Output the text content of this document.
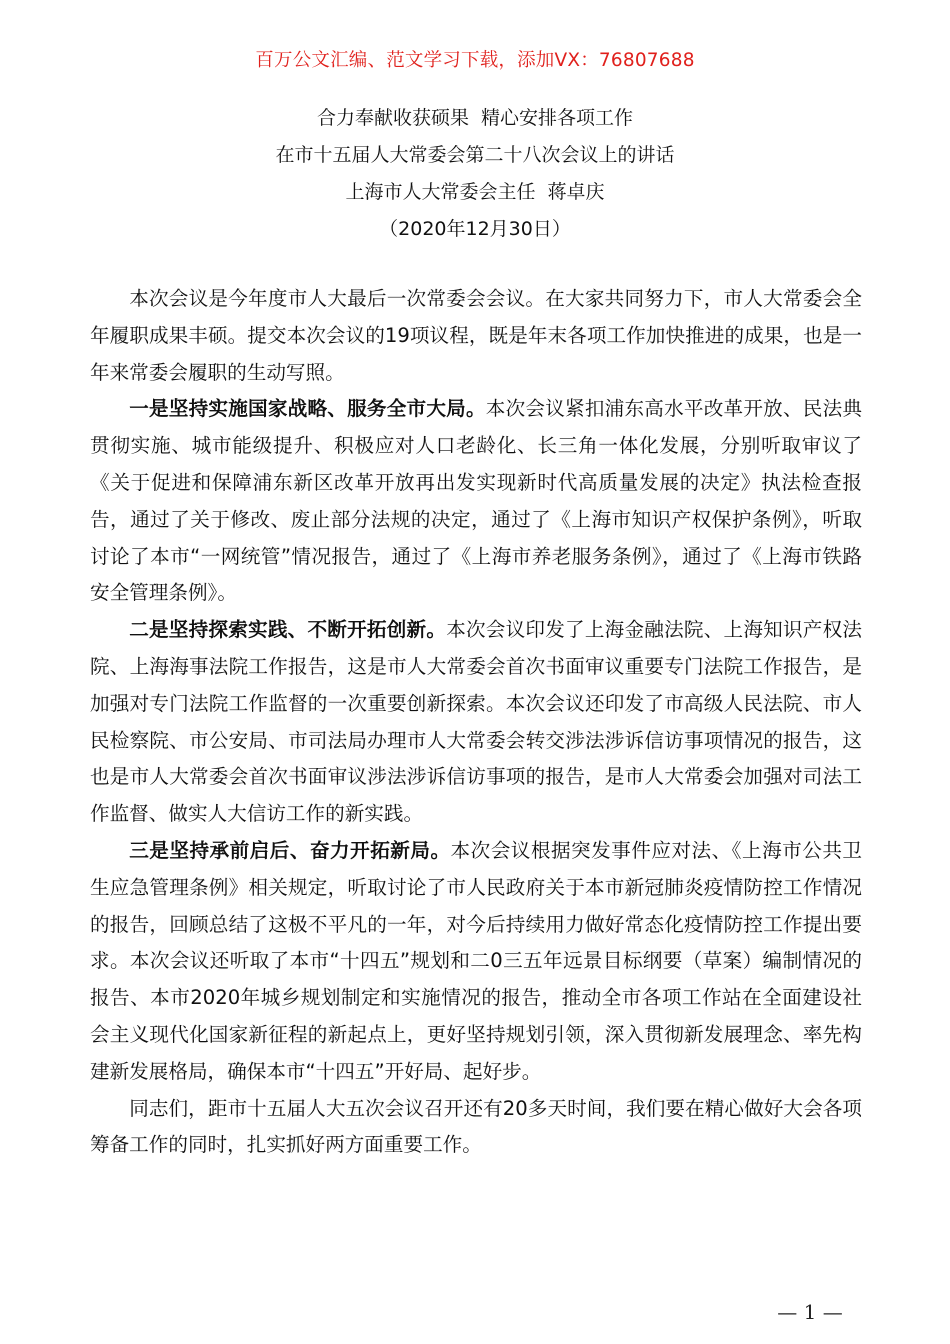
百万公文汇编、范文学习下载，添加VX：76807688
合力奉献收获硕果  精心安排各项工作
在市十五届人大常委会第二十八次会议上的讲话
上海市人大常委会主任  蒋卓庆
（2020年12月30日）

本次会议是今年度市人大最后一次常委会会议。在大家共同努力下，市人大常委会全年履职成果丰硕。提交本次会议的19项议程，既是年末各项工作加快推进的成果，也是一年来常委会履职的生动写照。

一是坚持实施国家战略、服务全市大局。本次会议紧扣浦东高水平改革开放、民法典贯彻实施、城市能级提升、积极应对人口老龄化、长三角一体化发展，分别听取审议了《关于促进和保障浦东新区改革开放再出发实现新时代高质量发展的决定》执法检查报告，通过了关于修改、废止部分法规的决定，通过了《上海市知识产权保护条例》，听取讨论了本市“一网统管”情况报告，通过了《上海市养老服务条例》，通过了《上海市铁路安全管理条例》。

二是坚持探索实践、不断开拓创新。本次会议印发了上海金融法院、上海知识产权法院、上海海事法院工作报告，这是市人大常委会首次书面审议重要专门法院工作报告，是加强对专门法院工作监督的一次重要创新探索。本次会议还印发了市高级人民法院、市人民检察院、市公安局、市司法局办理市人大常委会转交涉法涉诉信访事项情况的报告，这也是市人大常委会首次书面审议涉法涉诉信访事项的报告，是市人大常委会加强对司法工作监督、做实人大信访工作的新实践。

三是坚持承前启后、奋力开拓新局。本次会议根据突发事件应对法、《上海市公共卫生应急管理条例》相关规定，听取讨论了市人民政府关于本市新冠肺炎疫情防控工作情况的报告，回顾总结了这极不平凡的一年，对今后持续用力做好常态化疫情防控工作提出要求。本次会议还听取了本市“十四五”规划和二0三五年远景目标纲要（草案）编制情况的报告、本市2020年城乡规划制定和实施情况的报告，推动全市各项工作站在全面建设社会主义现代化国家新征程的新起点上，更好坚持规划引领，深入贯彻新发展理念、率先构建新发展格局，确保本市“十四五”开好局、起好步。

同志们，距市十五届人大五次会议召开还有20多天时间，我们要在精心做好大会各项筹备工作的同时，扎实抓好两方面重要工作。

— 1 —
